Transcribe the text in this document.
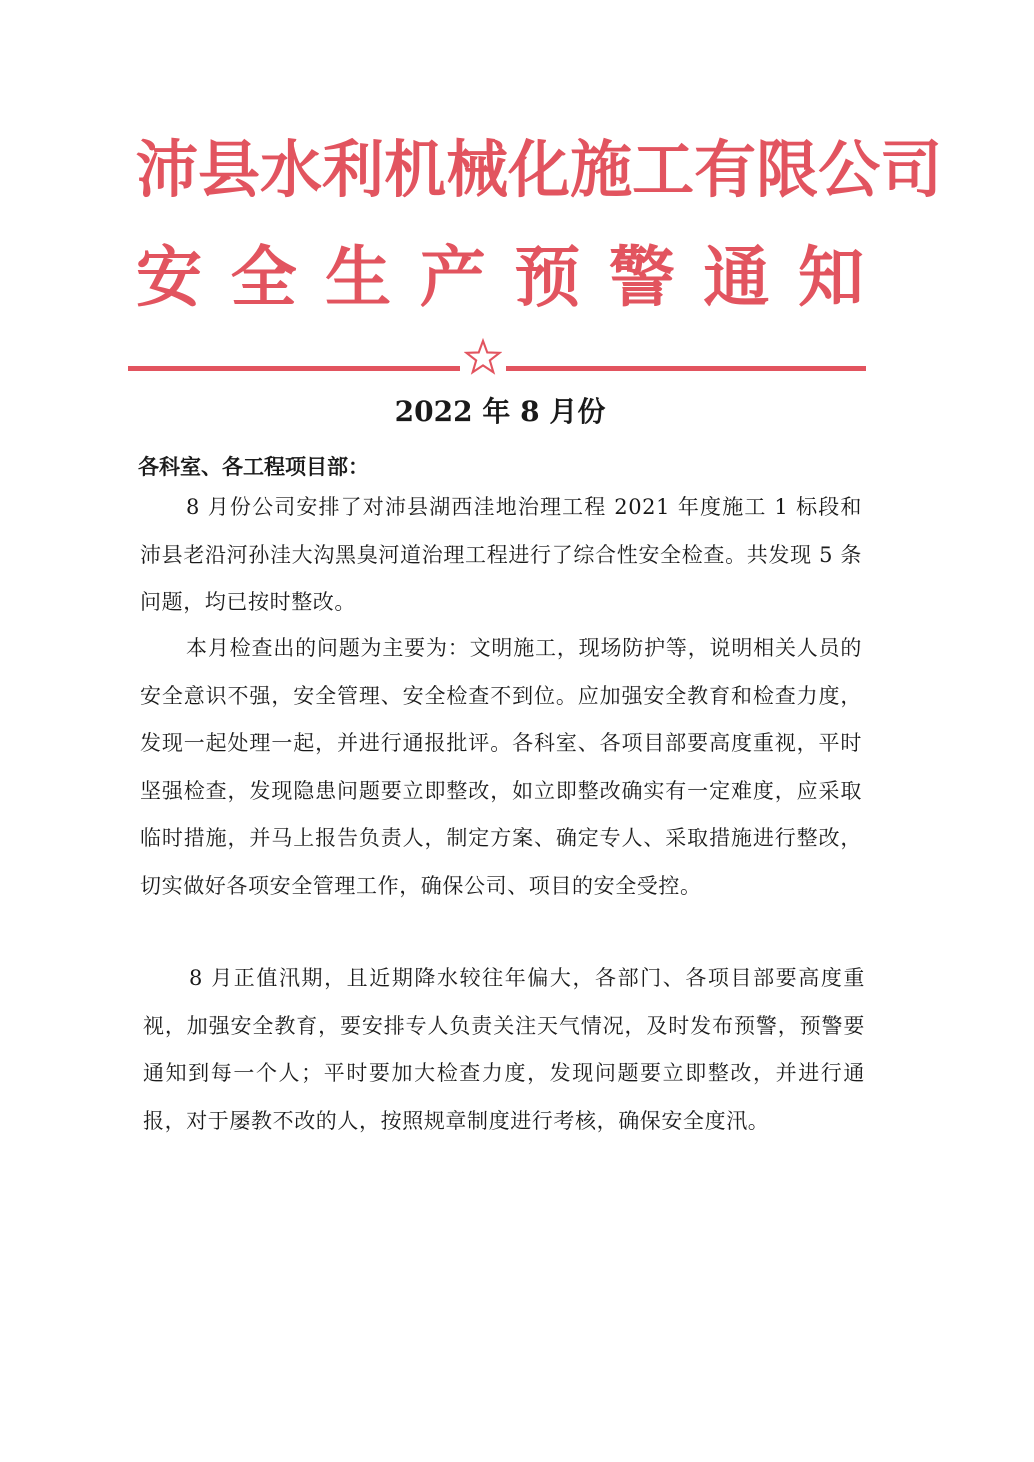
沛 县 水 利 机 械 化 施 工 有 限 公 司
安 全 生 产 预 警 通 知
2022 年 8 月份
各科室、各工程项目部：

8 月份公司安排了对沛县湖西洼地治理工程 2021 年度施工 1 标段和沛县老沿河孙洼大沟黑臭河道治理工程进行了综合性安全检查。共发现 5 条问题，均已按时整改。

本月检查出的问题为主要为：文明施工，现场防护等，说明相关人员的安全意识不强，安全管理、安全检查不到位。应加强安全教育和检查力度，发现一起处理一起，并进行通报批评。各科室、各项目部要高度重视，平时坚强检查，发现隐患问题要立即整改，如立即整改确实有一定难度，应采取临时措施，并马上报告负责人，制定方案、确定专人、采取措施进行整改，切实做好各项安全管理工作，确保公司、项目的安全受控。

8 月正值汛期，且近期降水较往年偏大，各部门、各项目部要高度重视，加强安全教育，要安排专人负责关注天气情况，及时发布预警，预警要通知到每一个人；平时要加大检查力度，发现问题要立即整改，并进行通报，对于屡教不改的人，按照规章制度进行考核，确保安全度汛。
